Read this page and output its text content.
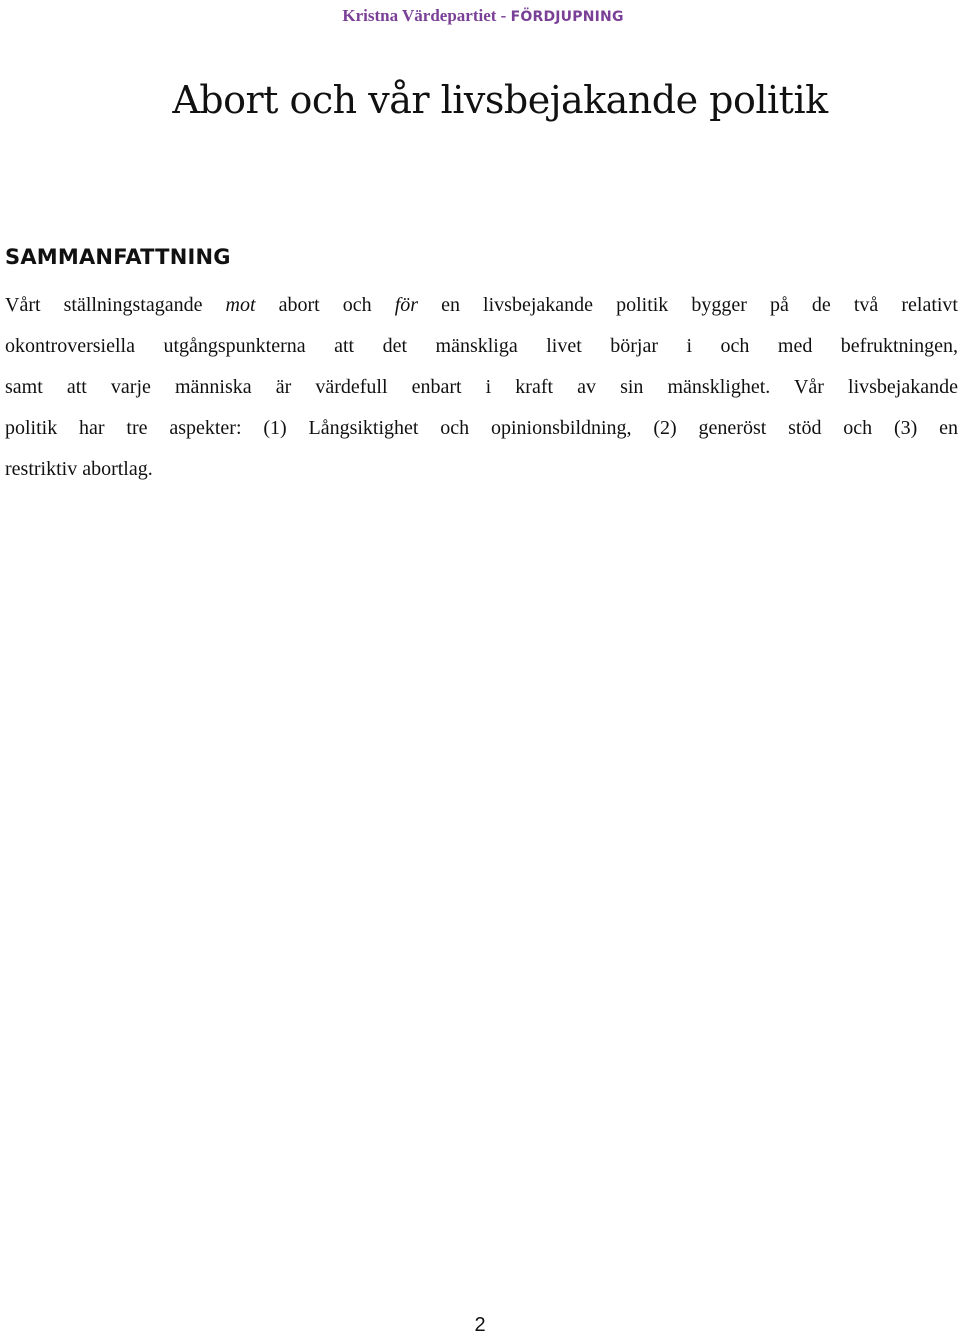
Kristna Värdepartiet - FÖRDJUPNING
Abort och vår livsbejakande politik
SAMMANFATTNING
Vårt ställningstagande mot abort och för en livsbejakande politik bygger på de två relativt
okontroversiella utgångspunkterna att det mänskliga livet börjar i och med befruktningen,
samt att varje människa är värdefull enbart i kraft av sin mänsklighet. Vår livsbejakande
politik har tre aspekter: (1) Långsiktighet och opinionsbildning, (2) generöst stöd och (3) en
restriktiv abortlag.
2
